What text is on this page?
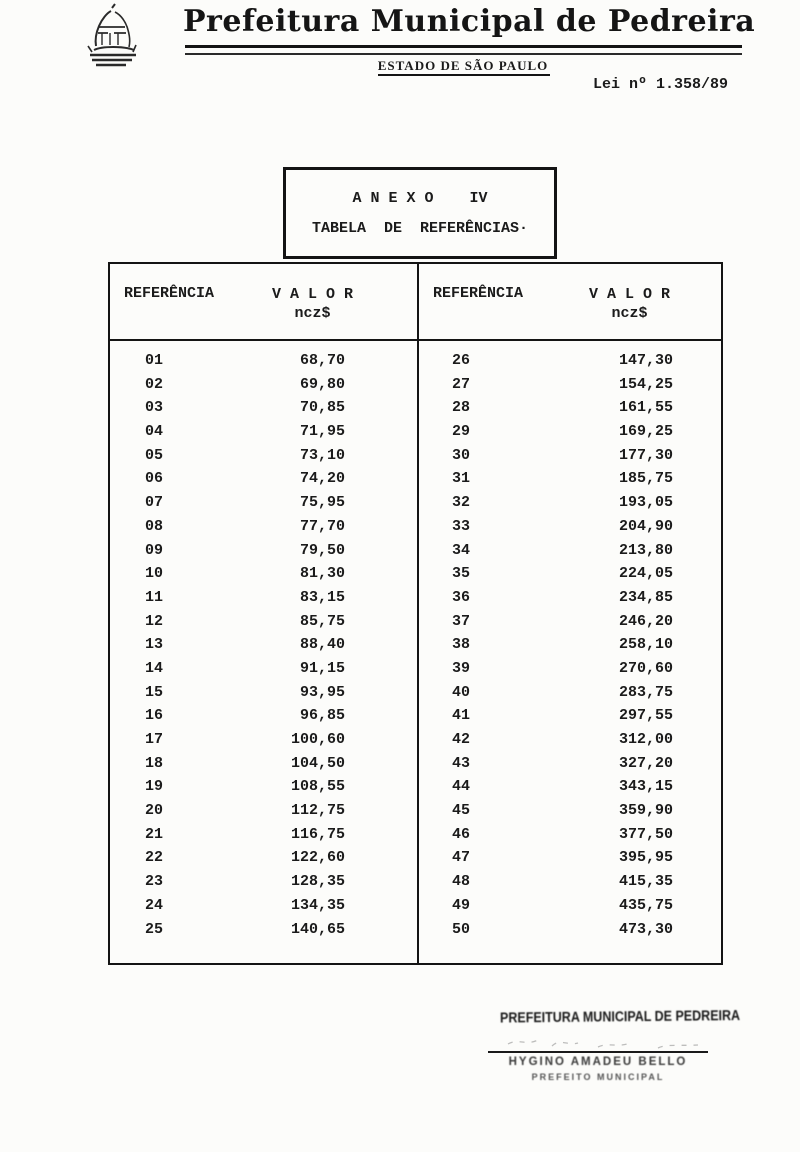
Prefeitura Municipal de Pedreira
ESTADO DE SÃO PAULO
Lei nº 1.358/89
A N E X O    IV
TABELA  DE  REFERÊNCIAS·
REFERÊNCIA	V A L O R
ncz$
REFERÊNCIA	V A L O R
ncz$
01	68,70
02	69,80
03	70,85
04	71,95
05	73,10
06	74,20
07	75,95
08	77,70
09	79,50
10	81,30
11	83,15
12	85,75
13	88,40
14	91,15
15	93,95
16	96,85
17	100,60
18	104,50
19	108,55
20	112,75
21	116,75
22	122,60
23	128,35
24	134,35
25	140,65
26	147,30
27	154,25
28	161,55
29	169,25
30	177,30
31	185,75
32	193,05
33	204,90
34	213,80
35	224,05
36	234,85
37	246,20
38	258,10
39	270,60
40	283,75
41	297,55
42	312,00
43	327,20
44	343,15
45	359,90
46	377,50
47	395,95
48	415,35
49	435,75
50	473,30
PREFEITURA MUNICIPAL DE PEDREIRA
HYGINO AMADEU BELLO
PREFEITO MUNICIPAL
